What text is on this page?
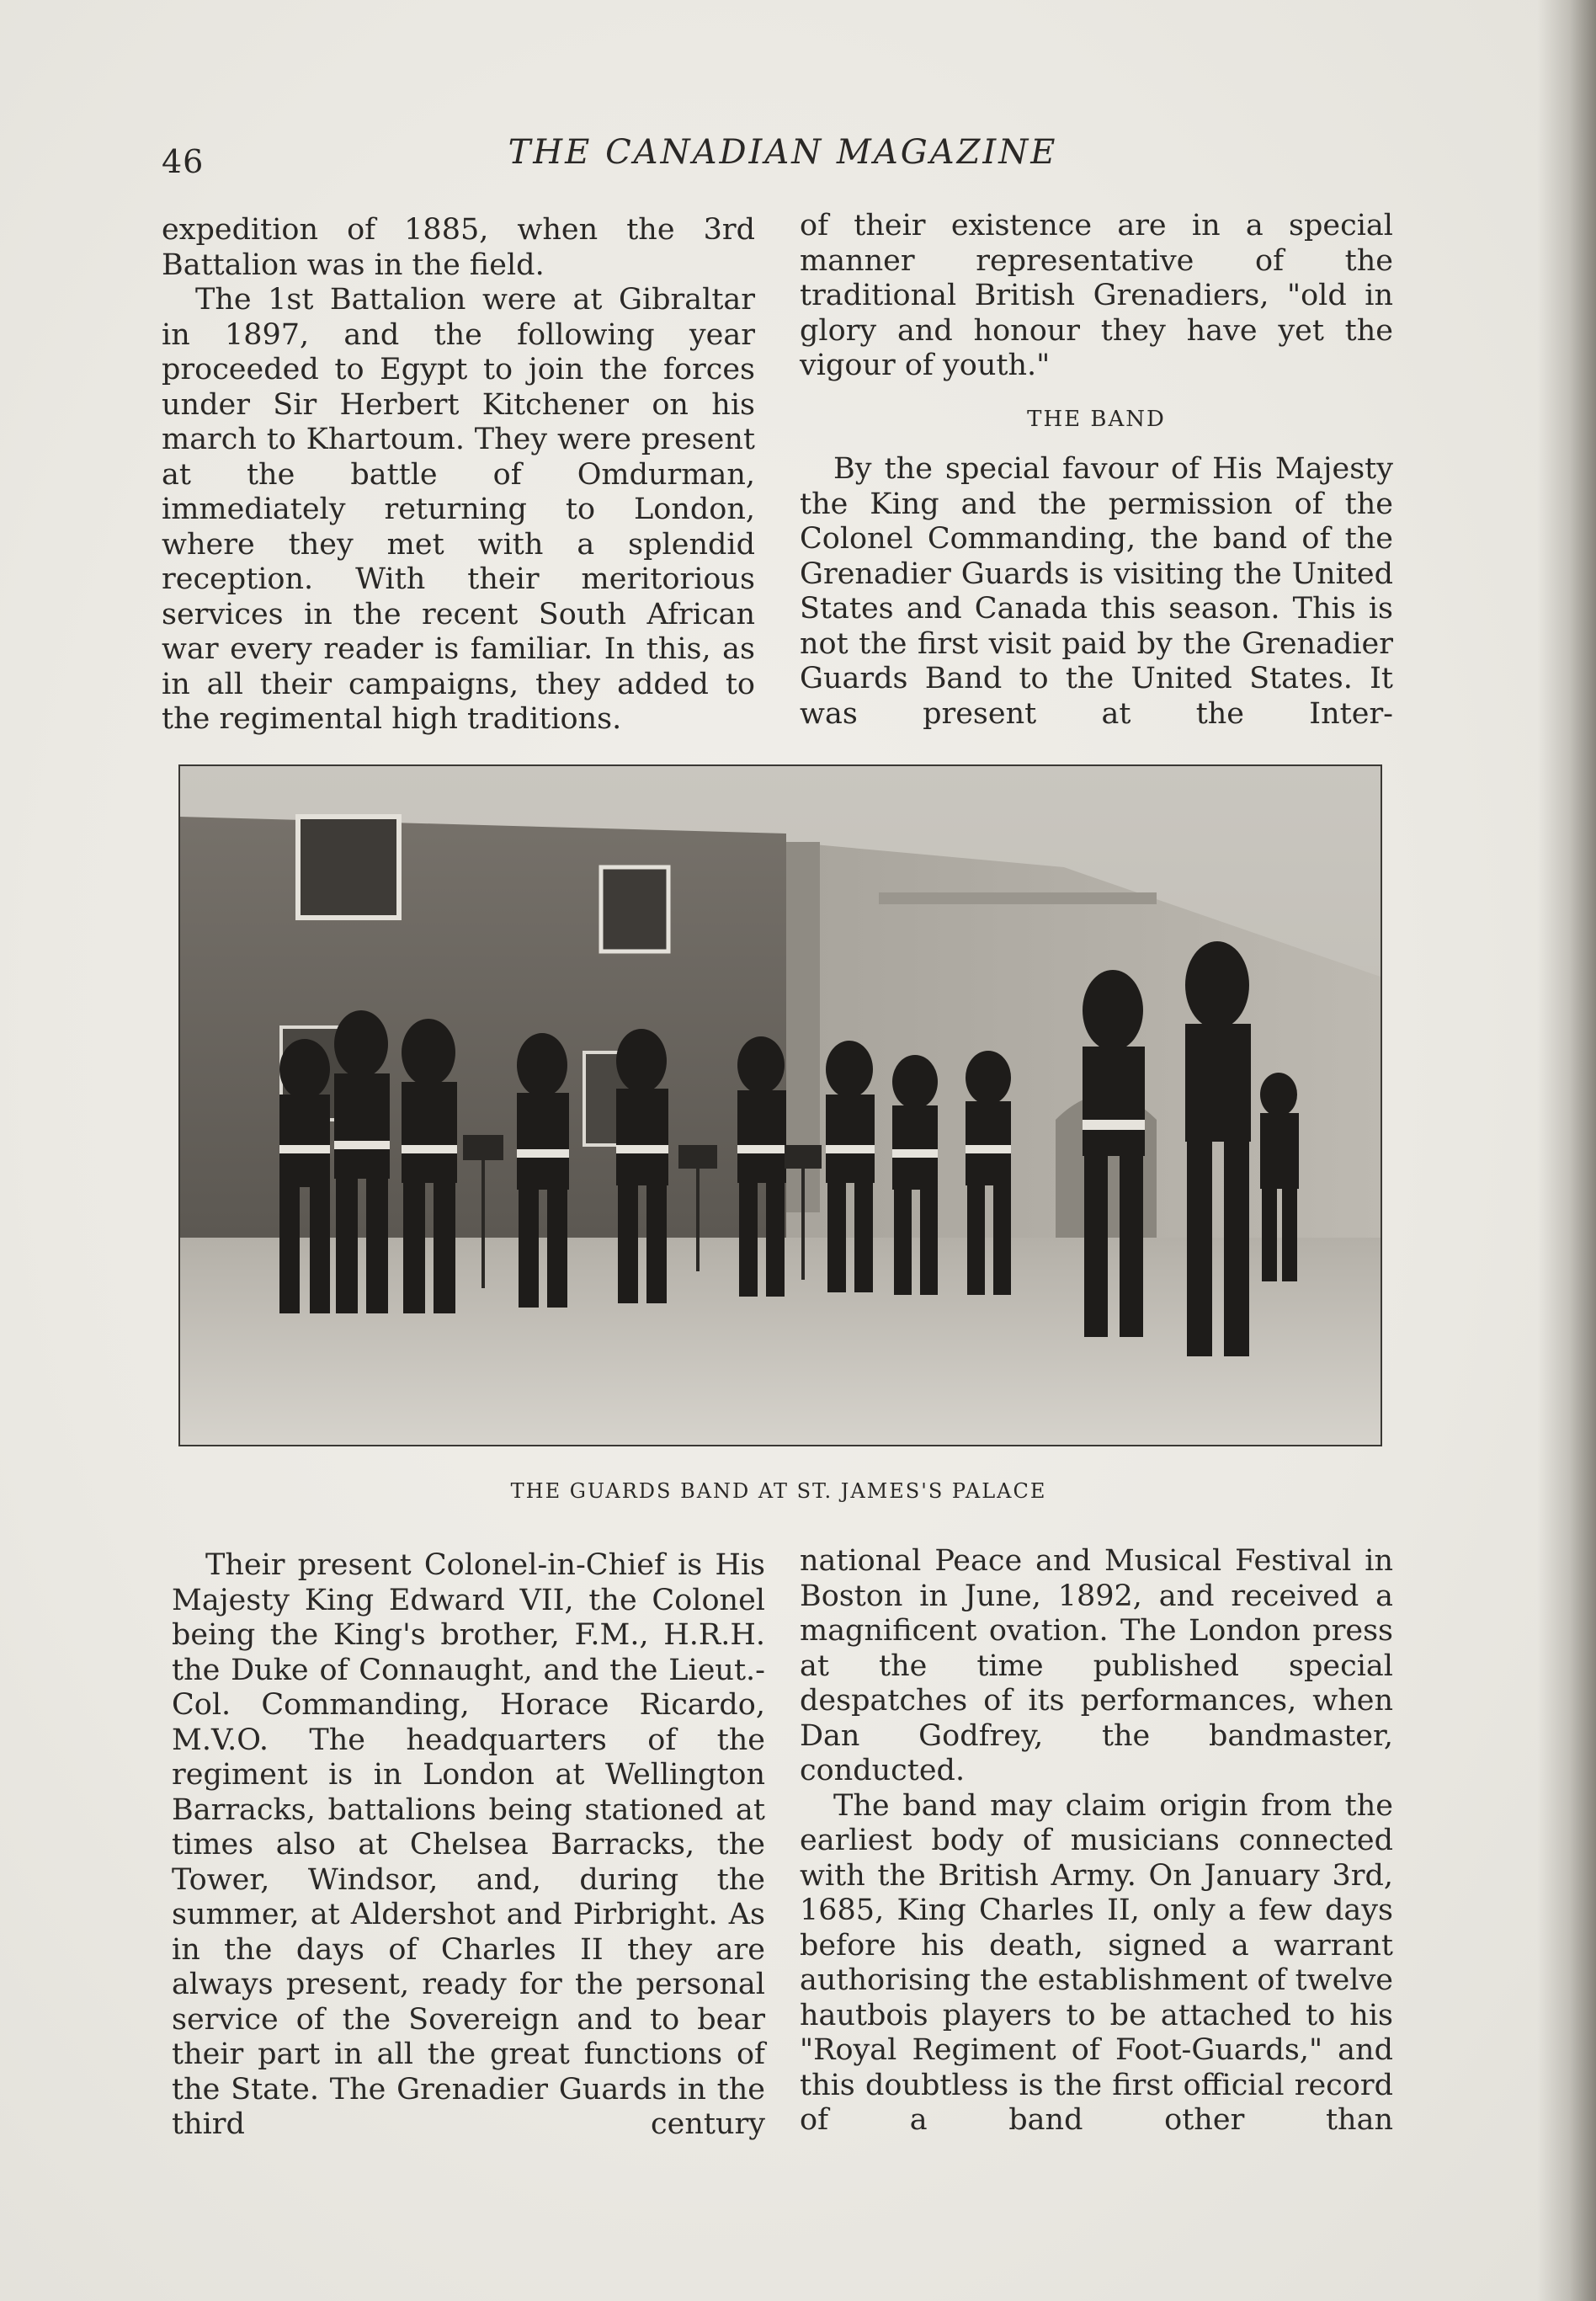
46	THE CANADIAN MAGAZINE

expedition of 1885, when the 3rd Battalion was in the field.

The 1st Battalion were at Gibraltar in 1897, and the following year proceeded to Egypt to join the forces under Sir Herbert Kitchener on his march to Khartoum. They were present at the battle of Omdurman, immediately returning to London, where they met with a splendid reception. With their meritorious services in the recent South African war every reader is familiar. In this, as in all their campaigns, they added to the regimental high traditions.

of their existence are in a special manner representative of the traditional British Grenadiers, "old in glory and honour they have yet the vigour of youth."

THE BAND

By the special favour of His Majesty the King and the permission of the Colonel Commanding, the band of the Grenadier Guards is visiting the United States and Canada this season. This is not the first visit paid by the Grenadier Guards Band to the United States. It was present at the Inter-

THE GUARDS BAND AT ST. JAMES'S PALACE

Their present Colonel-in-Chief is His Majesty King Edward VII, the Colonel being the King's brother, F.M., H.R.H. the Duke of Connaught, and the Lieut.-Col. Commanding, Horace Ricardo, M.V.O. The headquarters of the regiment is in London at Wellington Barracks, battalions being stationed at times also at Chelsea Barracks, the Tower, Windsor, and, during the summer, at Aldershot and Pirbright. As in the days of Charles II they are always present, ready for the personal service of the Sovereign and to bear their part in all the great functions of the State. The Grenadier Guards in the third century

national Peace and Musical Festival in Boston in June, 1892, and received a magnificent ovation. The London press at the time published special despatches of its performances, when Dan Godfrey, the bandmaster, conducted.

The band may claim origin from the earliest body of musicians connected with the British Army. On January 3rd, 1685, King Charles II, only a few days before his death, signed a warrant authorising the establishment of twelve hautbois players to be attached to his "Royal Regiment of Foot-Guards," and this doubtless is the first official record of a band other than
